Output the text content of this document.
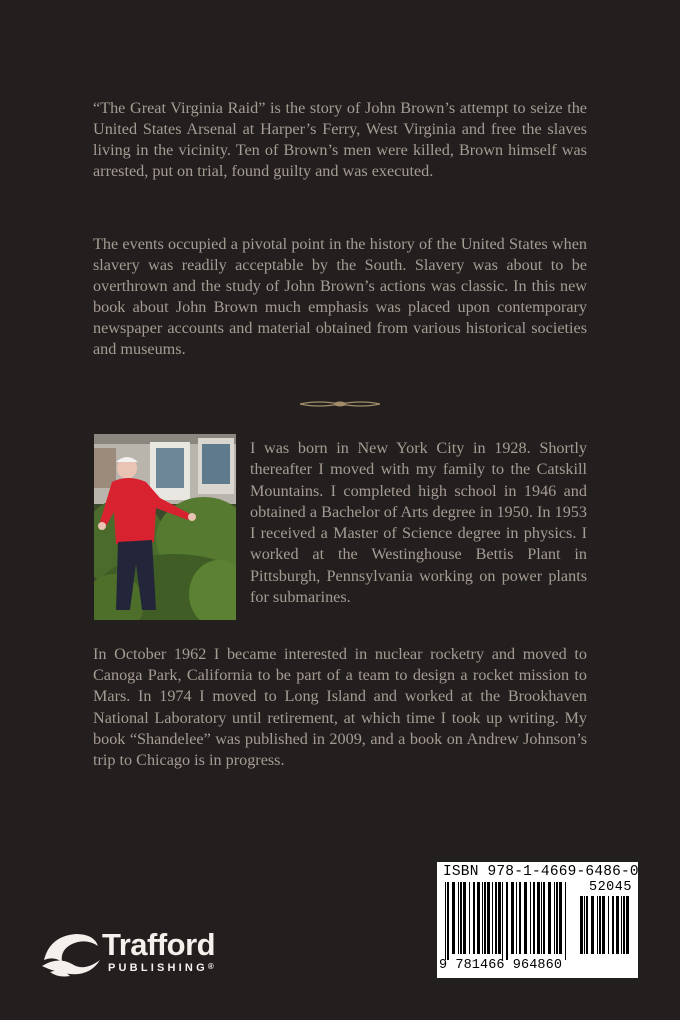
“The Great Virginia Raid” is the story of John Brown’s attempt to seize the United States Arsenal at Harper’s Ferry, West Virginia and free the slaves living in the vicinity. Ten of Brown’s men were killed, Brown himself was arrested, put on trial, found guilty and was executed.

The events occupied a pivotal point in the history of the United States when slavery was readily acceptable by the South. Slavery was about to be overthrown and the study of John Brown’s actions was classic. In this new book about John Brown much emphasis was placed upon contemporary newspaper accounts and material obtained from various historical societies and museums.

I was born in New York City in 1928. Shortly thereafter I moved with my family to the Catskill Mountains. I completed high school in 1946 and obtained a Bachelor of Arts degree in 1950. In 1953 I received a Master of Science degree in physics. I worked at the Westinghouse Bettis Plant in Pittsburgh, Pennsylvania working on power plants for submarines.

In October 1962 I became interested in nuclear rocketry and moved to Canoga Park, California to be part of a team to design a rocket mission to Mars. In 1974 I moved to Long Island and worked at the Brookhaven National Laboratory until retirement, at which time I took up writing. My book “Shandelee” was published in 2009, and a book on Andrew Johnson’s trip to Chicago is in progress.

Trafford
PUBLISHING®
ISBN 978-1-4669-6486-0
52045
9 781466 964860
